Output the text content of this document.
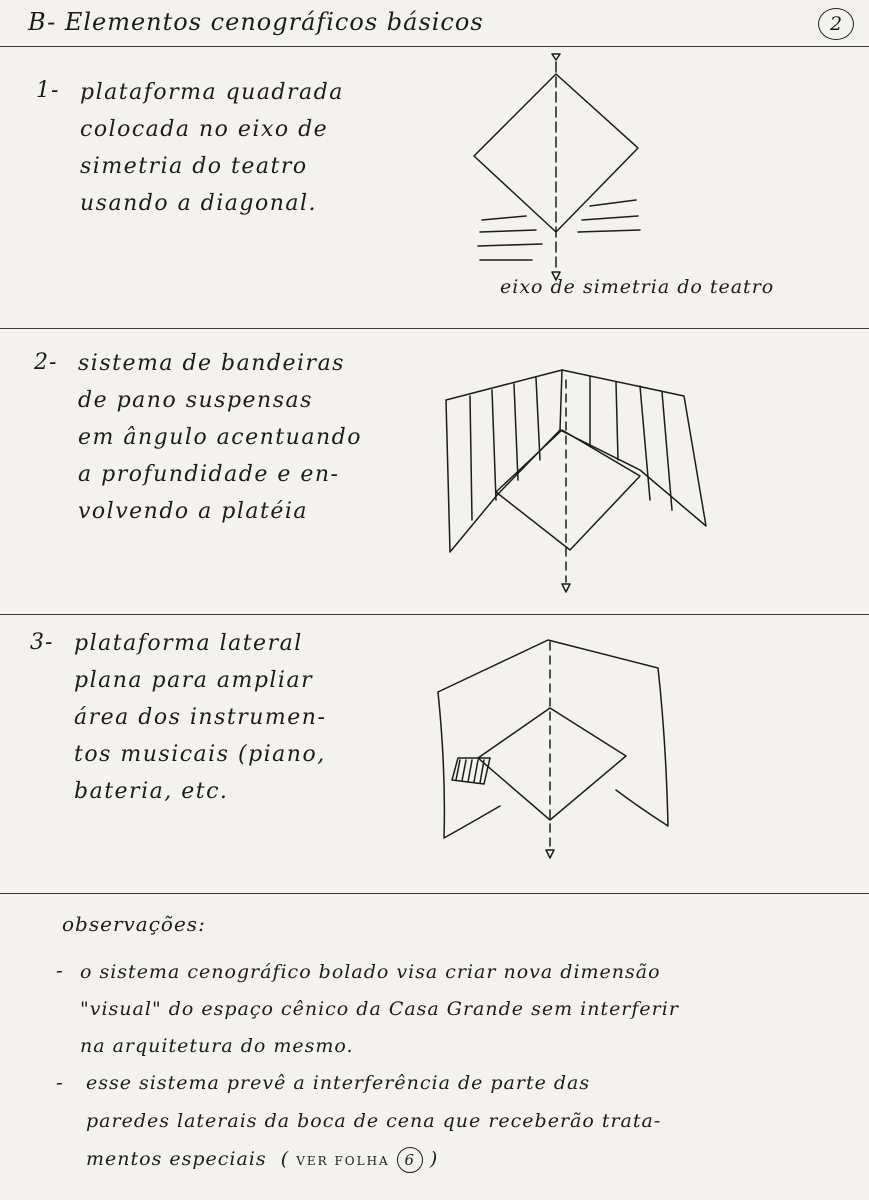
B- Elementos cenográficos básicos	2
1- plataforma quadrada
colocada no eixo de
simetria do teatro
usando a diagonal.
eixo de simetria do teatro
2- sistema de bandeiras
de pano suspensas
em ângulo acentuando
a profundidade e en-
volvendo a platéia
3- plataforma lateral
plana para ampliar
área dos instrumen-
tos musicais (piano,
bateria, etc.
observações:
- o sistema cenográfico bolado visa criar nova dimensão
"visual" do espaço cênico da Casa Grande sem interferir
na arquitetura do mesmo.
- esse sistema prevê a interferência de parte das
paredes laterais da boca de cena que receberão trata-
mentos especiais  ( VER FOLHA 6 )
